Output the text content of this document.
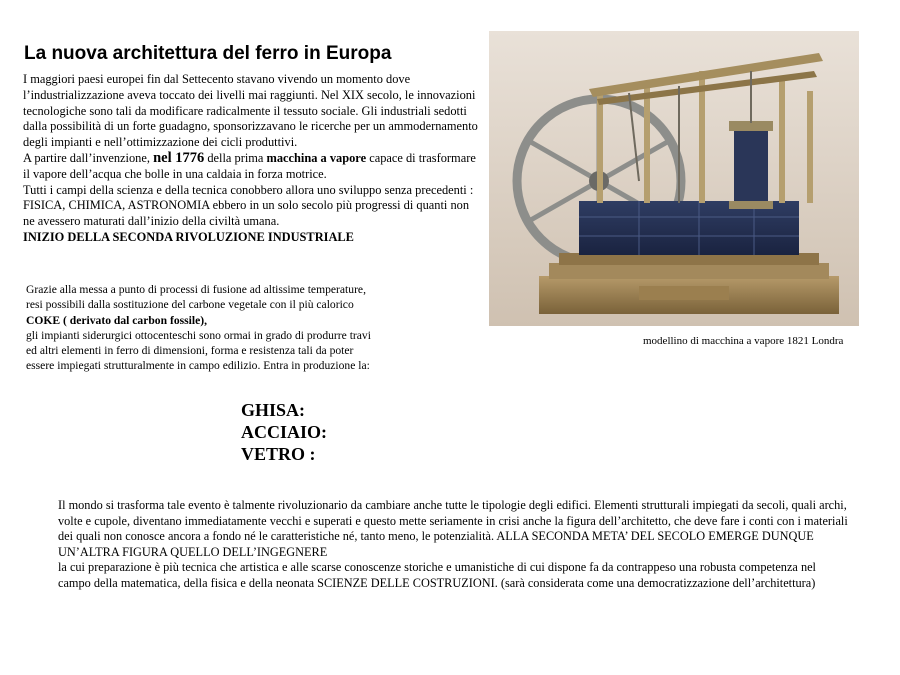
La nuova architettura del ferro in Europa

I maggiori paesi europei fin dal Settecento stavano vivendo un momento dove l’industrializzazione aveva toccato dei livelli mai raggiunti. Nel XIX secolo, le innovazioni tecnologiche sono tali da modificare radicalmente il tessuto sociale. Gli industriali sedotti dalla possibilità di un forte guadagno, sponsorizzavano le ricerche per un ammodernamento degli impianti e nell’ottimizzazione dei cicli produttivi.

A partire dall’invenzione, nel 1776 della prima macchina a vapore capace di trasformare il vapore dell’acqua che bolle in una caldaia in forza motrice.

Tutti i campi della scienza e della tecnica conobbero allora uno sviluppo senza precedenti : FISICA, CHIMICA, ASTRONOMIA ebbero in un solo secolo più progressi di quanti non ne avessero maturati dall’inizio della civiltà umana.

INIZIO DELLA SECONDA RIVOLUZIONE INDUSTRIALE

modellino di macchina a vapore 1821 Londra

Grazie alla messa a punto di processi di fusione ad altissime temperature, resi possibili dalla sostituzione del carbone vegetale con il più calorico COKE ( derivato dal carbon fossile),

gli impianti siderurgici ottocenteschi sono ormai in grado di produrre travi ed altri elementi in ferro di dimensioni, forma e resistenza tali da poter essere impiegati strutturalmente in campo edilizio. Entra in produzione la:

GHISA:
ACCIAIO:
VETRO :

Il mondo si trasforma tale evento è talmente rivoluzionario da cambiare anche tutte le tipologie degli edifici. Elementi strutturali impiegati da secoli, quali archi, volte e cupole, diventano immediatamente vecchi e superati e questo mette seriamente in crisi anche la figura dell’architetto, che deve fare i conti con i materiali dei quali non conosce ancora a fondo né le caratteristiche né, tanto meno, le potenzialità. ALLA SECONDA META’ DEL SECOLO EMERGE DUNQUE UN’ALTRA FIGURA QUELLO DELL’INGEGNERE

la cui preparazione è più tecnica che artistica e alle scarse conoscenze storiche e umanistiche di cui dispone fa da contrappeso una robusta competenza nel campo della matematica, della fisica e della neonata SCIENZE DELLE COSTRUZIONI. (sarà considerata come una democratizzazione dell’architettura)
